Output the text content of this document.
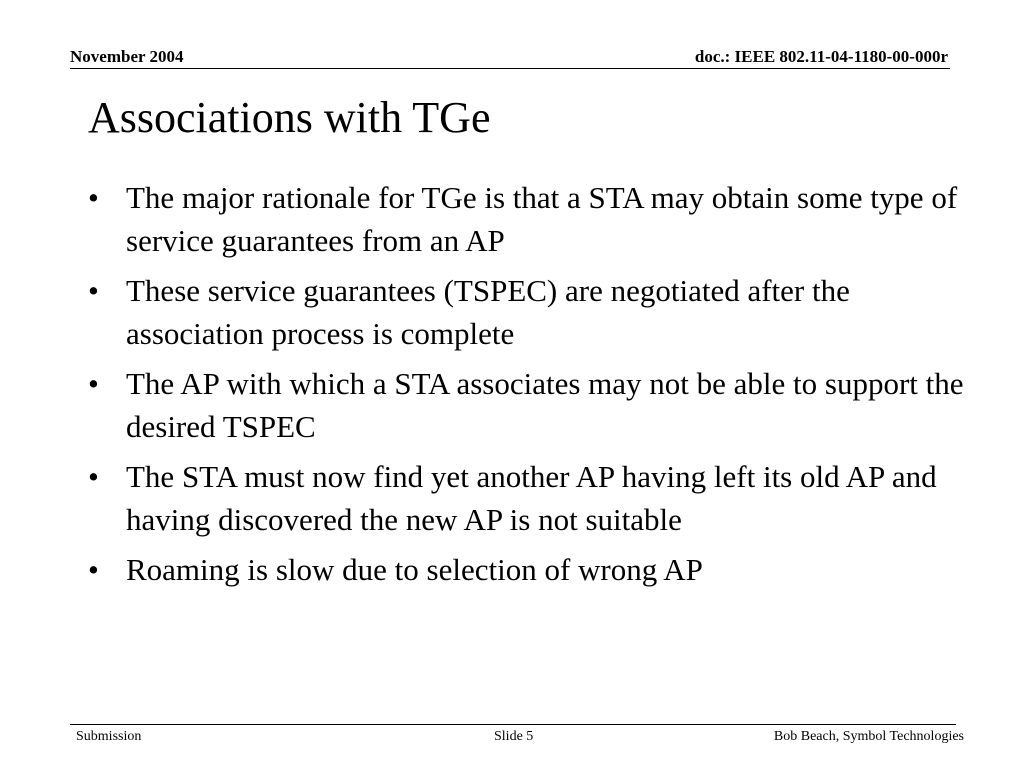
November 2004	doc.: IEEE 802.11-04-1180-00-000r
Associations with TGe
• The major rationale for TGe is that a STA may obtain some type of service guarantees from an AP
• These service guarantees (TSPEC) are negotiated after the association process is complete
• The AP with which a STA associates may not be able to support the desired TSPEC
• The STA must now find yet another AP having left its old AP and having discovered the new AP is not suitable
• Roaming is slow due to selection of wrong AP
Submission	Slide 5	Bob Beach, Symbol Technologies
